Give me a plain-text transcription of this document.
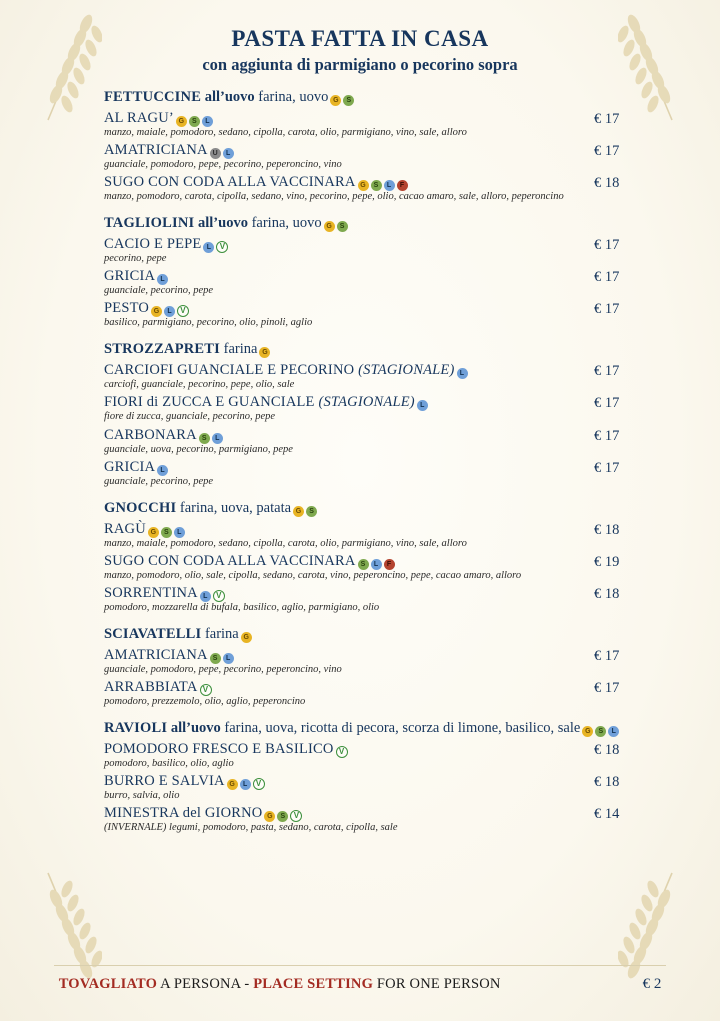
PASTA FATTA IN CASA
con aggiunta di parmigiano o pecorino sopra
FETTUCCINE all’uovo farina, uovo G S
AL RAGU’ G S L
manzo, maiale, pomodoro, sedano, cipolla, carota, olio, parmigiano, vino, sale, alloro
€ 17
AMATRICIANA U L
guanciale, pomodoro, pepe, pecorino, peperoncino, vino
€ 17
SUGO CON CODA ALLA VACCINARA G S L F
manzo, pomodoro, carota, cipolla, sedano, vino, pecorino, pepe, olio, cacao amaro, sale, alloro, peperoncino
€ 18
TAGLIOLINI all’uovo farina, uovo G S
CACIO E PEPE L V
pecorino, pepe
€ 17
GRICIA L
guanciale, pecorino, pepe
€ 17
PESTO G L V
basilico, parmigiano, pecorino, olio, pinoli, aglio
€ 17
STROZZAPRETI farina G
CARCIOFI GUANCIALE E PECORINO (STAGIONALE) L
carciofi, guanciale, pecorino, pepe, olio, sale
€ 17
FIORI di ZUCCA E GUANCIALE (STAGIONALE) L
fiore di zucca, guanciale, pecorino, pepe
€ 17
CARBONARA S L
guanciale, uova, pecorino, parmigiano, pepe
€ 17
GRICIA L
guanciale, pecorino, pepe
€ 17
GNOCCHI farina, uova, patata G S
RAGÙ G S L
manzo, maiale, pomodoro, sedano, cipolla, carota, olio, parmigiano, vino, sale, alloro
€ 18
SUGO CON CODA ALLA VACCINARA S L F
manzo, pomodoro, olio, sale, cipolla, sedano, carota, vino, peperoncino, pepe, cacao amaro, alloro
€ 19
SORRENTINA L V
pomodoro, mozzarella di bufala, basilico, aglio, parmigiano, olio
€ 18
SCIAVATELLI farina G
AMATRICIANA S L
guanciale, pomodoro, pepe, pecorino, peperoncino, vino
€ 17
ARRABBIATA V
pomodoro, prezzemolo, olio, aglio, peperoncino
€ 17
RAVIOLI all’uovo farina, uova, ricotta di pecora, scorza di limone, basilico, sale G S L
POMODORO FRESCO E BASILICO V
pomodoro, basilico, olio, aglio
€ 18
BURRO E SALVIA G L V
burro, salvia, olio
€ 18
MINESTRA del GIORNO G S V
(INVERNALE) legumi, pomodoro, pasta, sedano, carota, cipolla, sale
€ 14
TOVAGLIATO A PERSONA - PLACE SETTING FOR ONE PERSON	€ 2
